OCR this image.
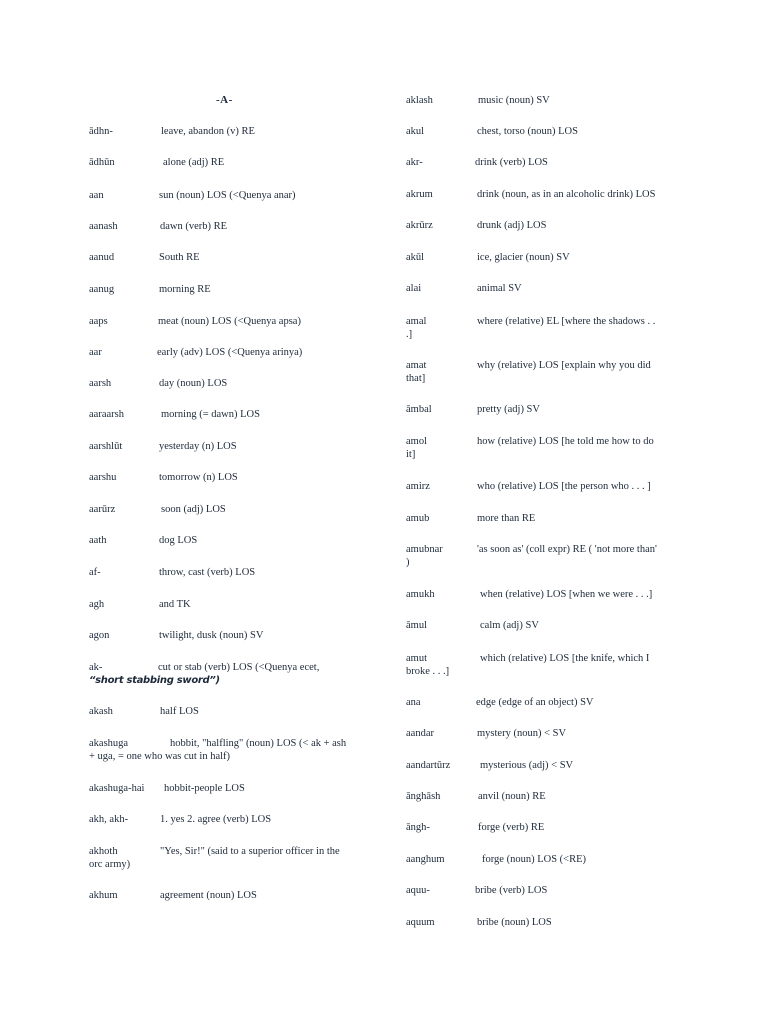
-A-
ādhn-	leave, abandon (v) RE
ādhūn	alone (adj) RE
aan	sun (noun) LOS (<Quenya anar)
aanash	dawn (verb) RE
aanud	South RE
aanug	morning RE
aaps	meat (noun) LOS (<Quenya apsa)
aar	early (adv) LOS (<Quenya arinya)
aarsh	day (noun) LOS
aaraarsh	morning (= dawn) LOS
aarshlūt	yesterday (n) LOS
aarshu	tomorrow (n) LOS
aarūrz	soon (adj) LOS
aath	dog LOS
af-	throw, cast (verb) LOS
agh	and TK
agon	twilight, dusk (noun) SV
ak-	cut or stab (verb) LOS (<Quenya ecet,
“short stabbing sword”)
akash	half LOS
akashuga	hobbit, "halfling" (noun) LOS (< ak + ash
+ uga, = one who was cut in half)
akashuga-hai hobbit-people LOS
akh, akh-	1. yes 2. agree (verb) LOS
akhoth	"Yes, Sir!" (said to a superior officer in the
orc army)
akhum	agreement (noun) LOS
aklash	music (noun) SV
akul	chest, torso (noun) LOS
akr-	drink (verb) LOS
akrum	drink (noun, as in an alcoholic drink) LOS
akrūrz	drunk (adj) LOS
akūl	ice, glacier (noun) SV
alai	animal SV
amal	where (relative) EL [where the shadows . .
.]
amat	why (relative) LOS [explain why you did
that]
āmbal	pretty (adj) SV
amol	how (relative) LOS [he told me how to do
it]
amirz	who (relative) LOS [the person who . . . ]
amub	more than RE
amubnar	'as soon as' (coll expr) RE ( 'not more than'
)
amukh	when (relative) LOS [when we were . . .]
āmul	calm (adj) SV
amut	which (relative) LOS [the knife, which I
broke . . .]
ana	edge (edge of an object) SV
aandar	mystery (noun) < SV
aandartūrz	mysterious (adj) < SV
ānghāsh	anvil (noun) RE
āngh-	forge (verb) RE
aanghum	forge (noun) LOS (<RE)
aquu-	bribe (verb) LOS
aquum	bribe (noun) LOS
